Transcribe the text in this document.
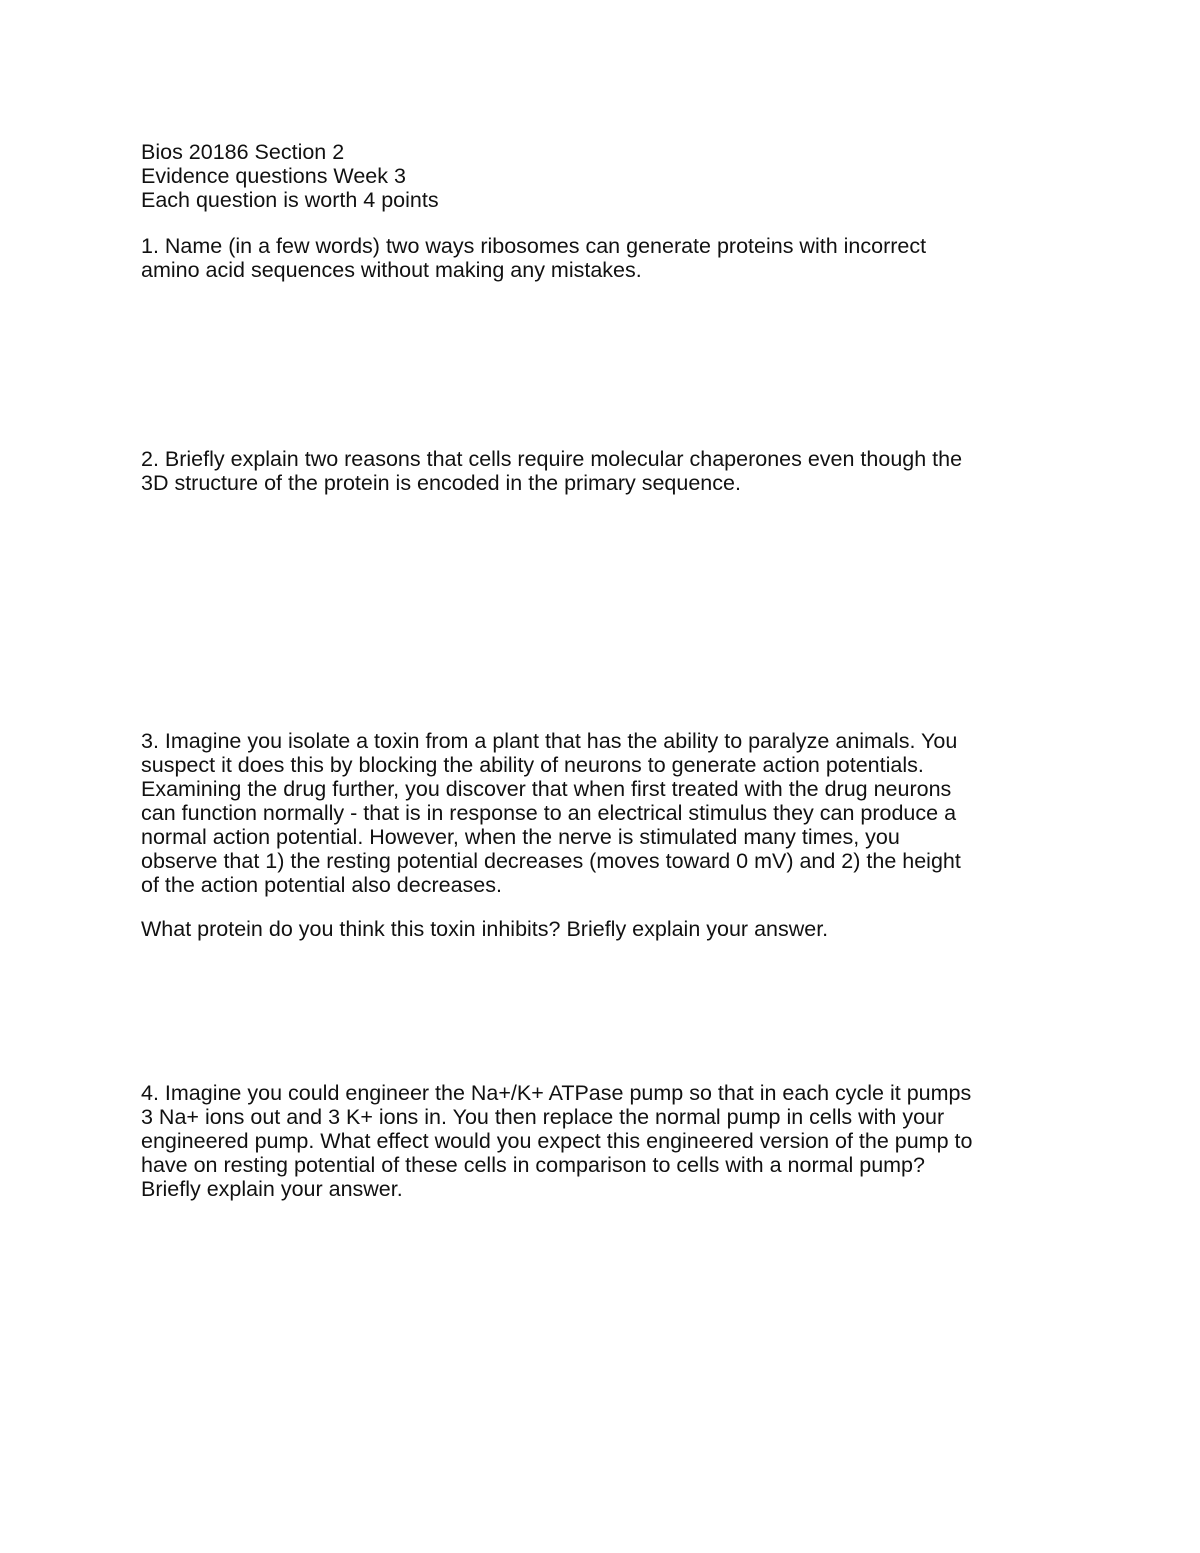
Bios 20186 Section 2
Evidence questions Week 3
Each question is worth 4 points
1. Name (in a few words) two ways ribosomes can generate proteins with incorrect
amino acid sequences without making any mistakes.
2. Briefly explain two reasons that cells require molecular chaperones even though the
3D structure of the protein is encoded in the primary sequence.
3. Imagine you isolate a toxin from a plant that has the ability to paralyze animals. You
suspect it does this by blocking the ability of neurons to generate action potentials.
Examining the drug further, you discover that when first treated with the drug neurons
can function normally - that is in response to an electrical stimulus they can produce a
normal action potential. However, when the nerve is stimulated many times, you
observe that 1) the resting potential decreases (moves toward 0 mV) and 2) the height
of the action potential also decreases.
What protein do you think this toxin inhibits? Briefly explain your answer.
4. Imagine you could engineer the Na+/K+ ATPase pump so that in each cycle it pumps
3 Na+ ions out and 3 K+ ions in. You then replace the normal pump in cells with your
engineered pump. What effect would you expect this engineered version of the pump to
have on resting potential of these cells in comparison to cells with a normal pump?
Briefly explain your answer.
